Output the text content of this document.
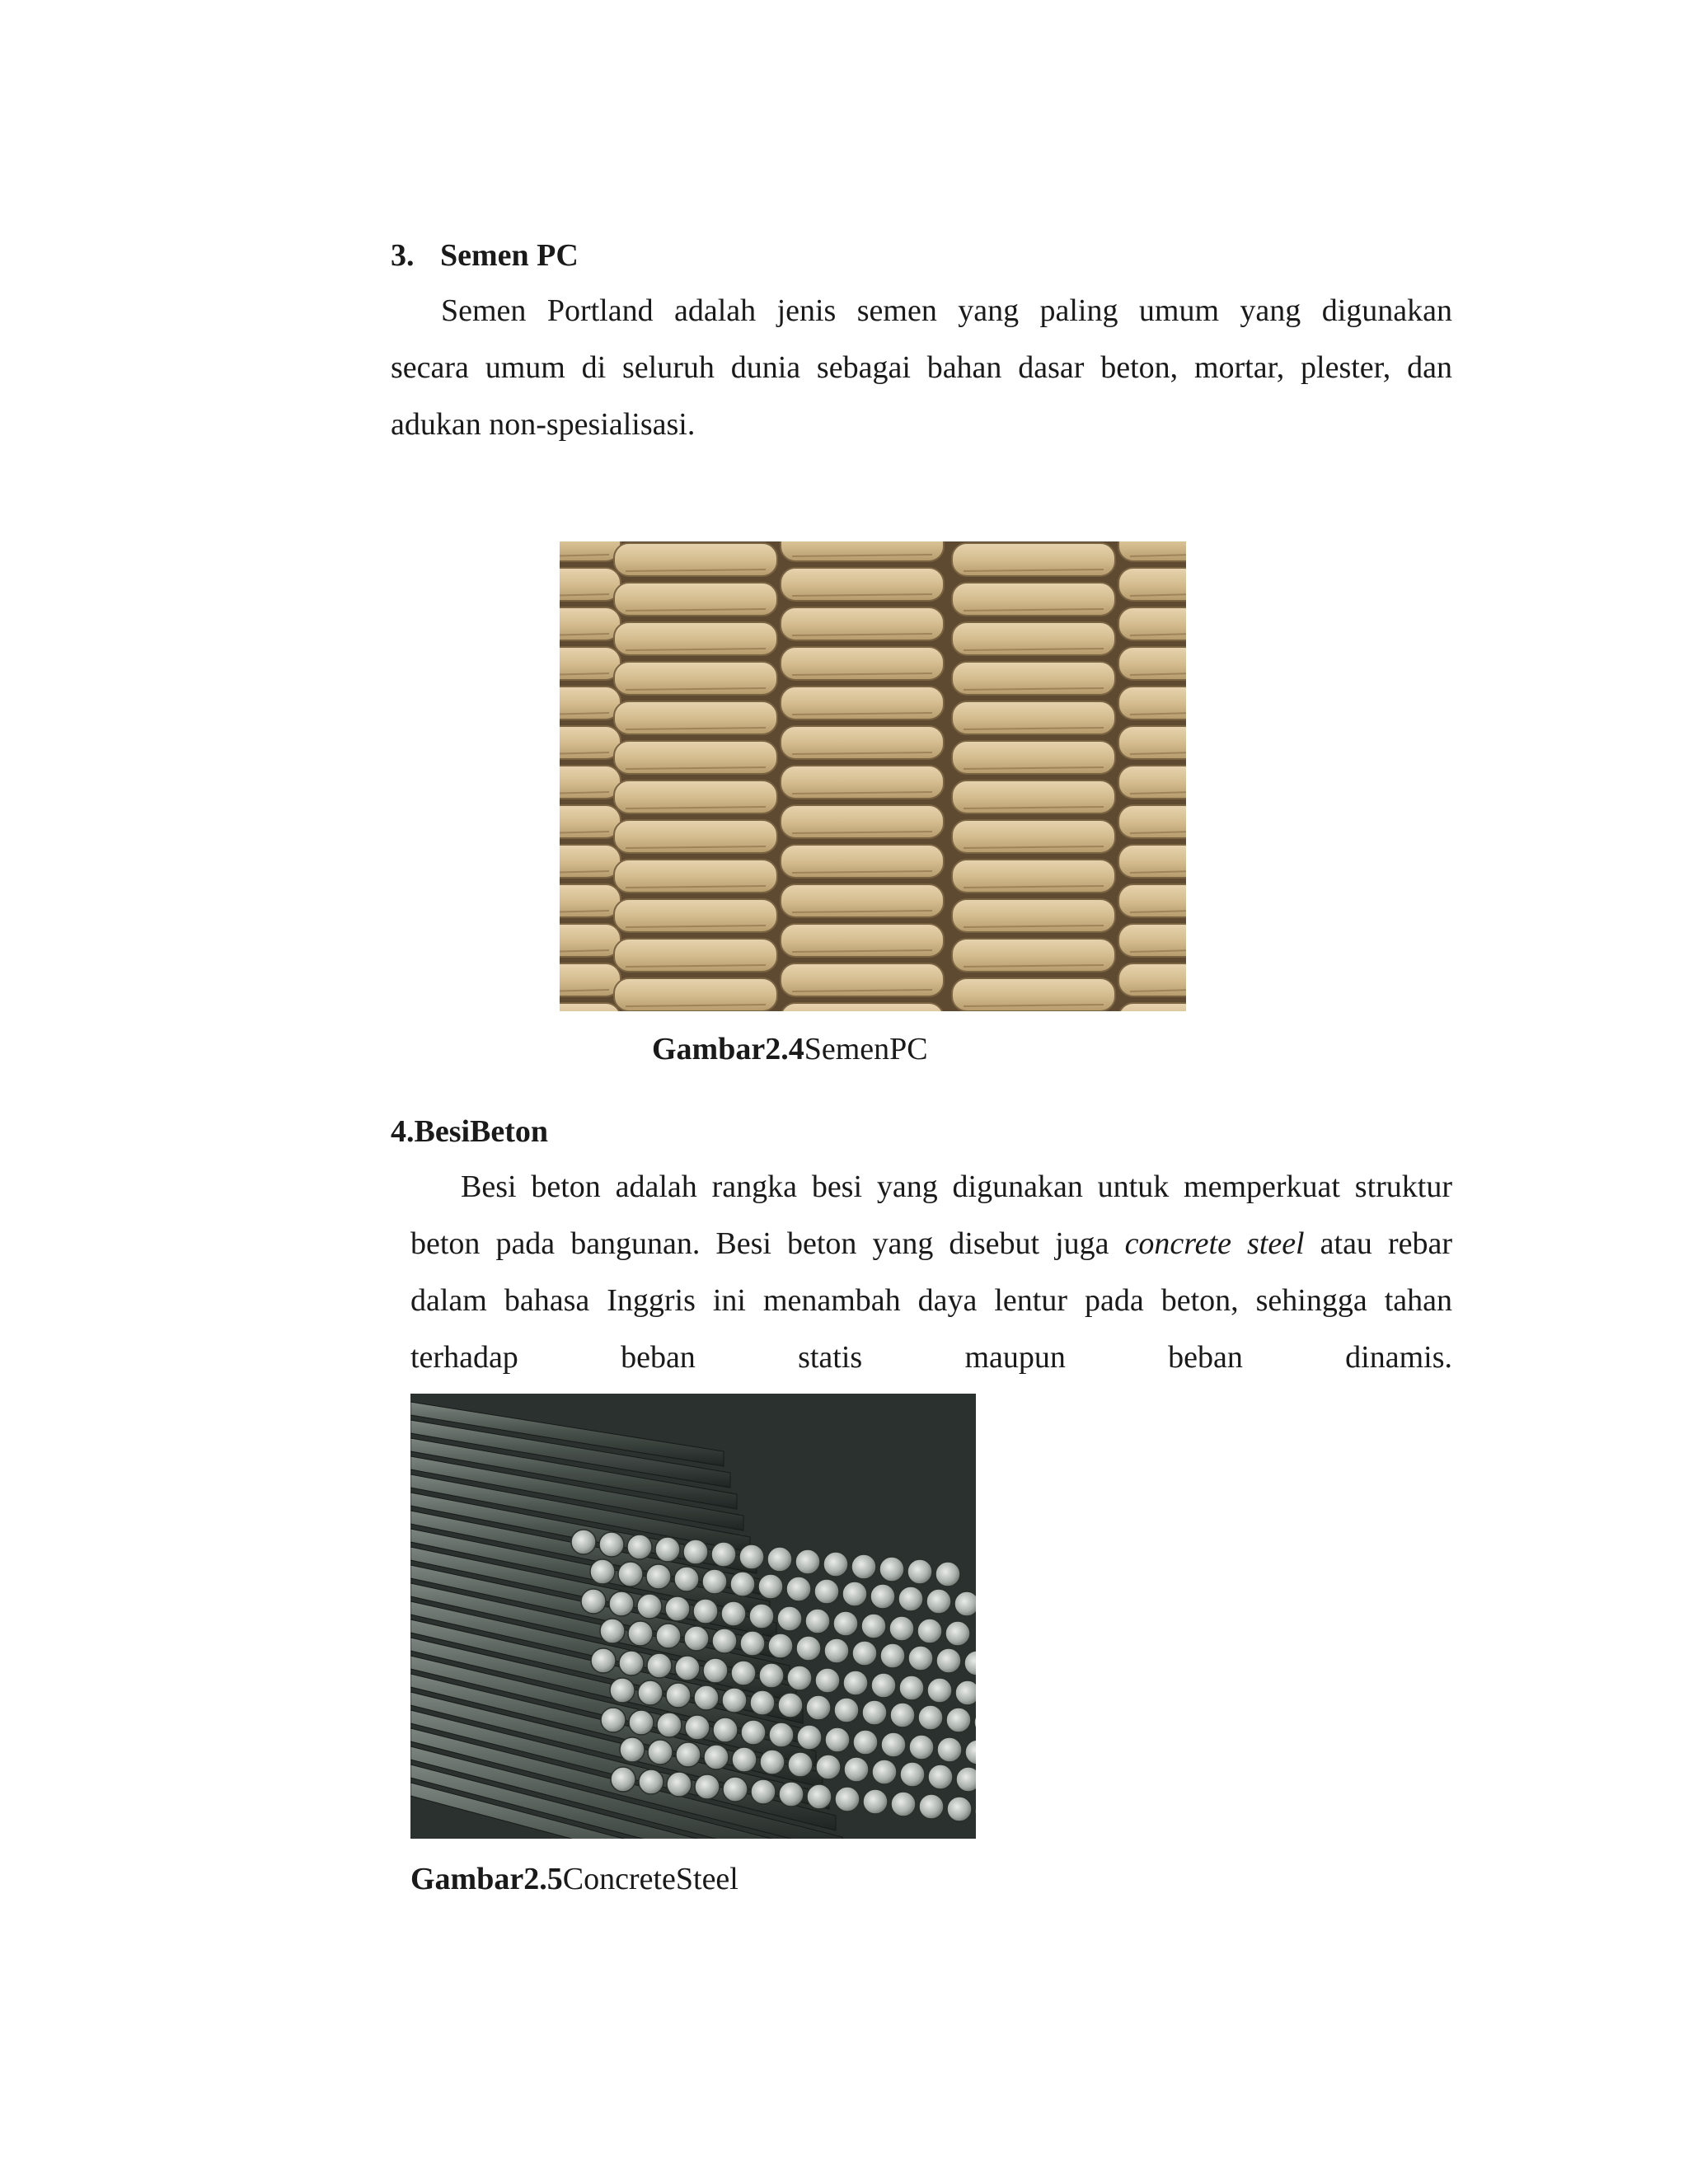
3. Semen PC
Semen Portland adalah jenis semen yang paling umum yang digunakan
secara umum di seluruh dunia sebagai bahan dasar beton, mortar, plester, dan
adukan non-spesialisasi.
Gambar2.4SemenPC
4.BesiBeton
Besi beton adalah rangka besi yang digunakan untuk memperkuat struktur
beton pada bangunan. Besi beton yang disebut juga concrete steel atau rebar
dalam bahasa Inggris ini menambah daya lentur pada beton, sehingga tahan
terhadap	beban	statis	maupun	beban	dinamis.
Gambar2.5ConcreteSteel
